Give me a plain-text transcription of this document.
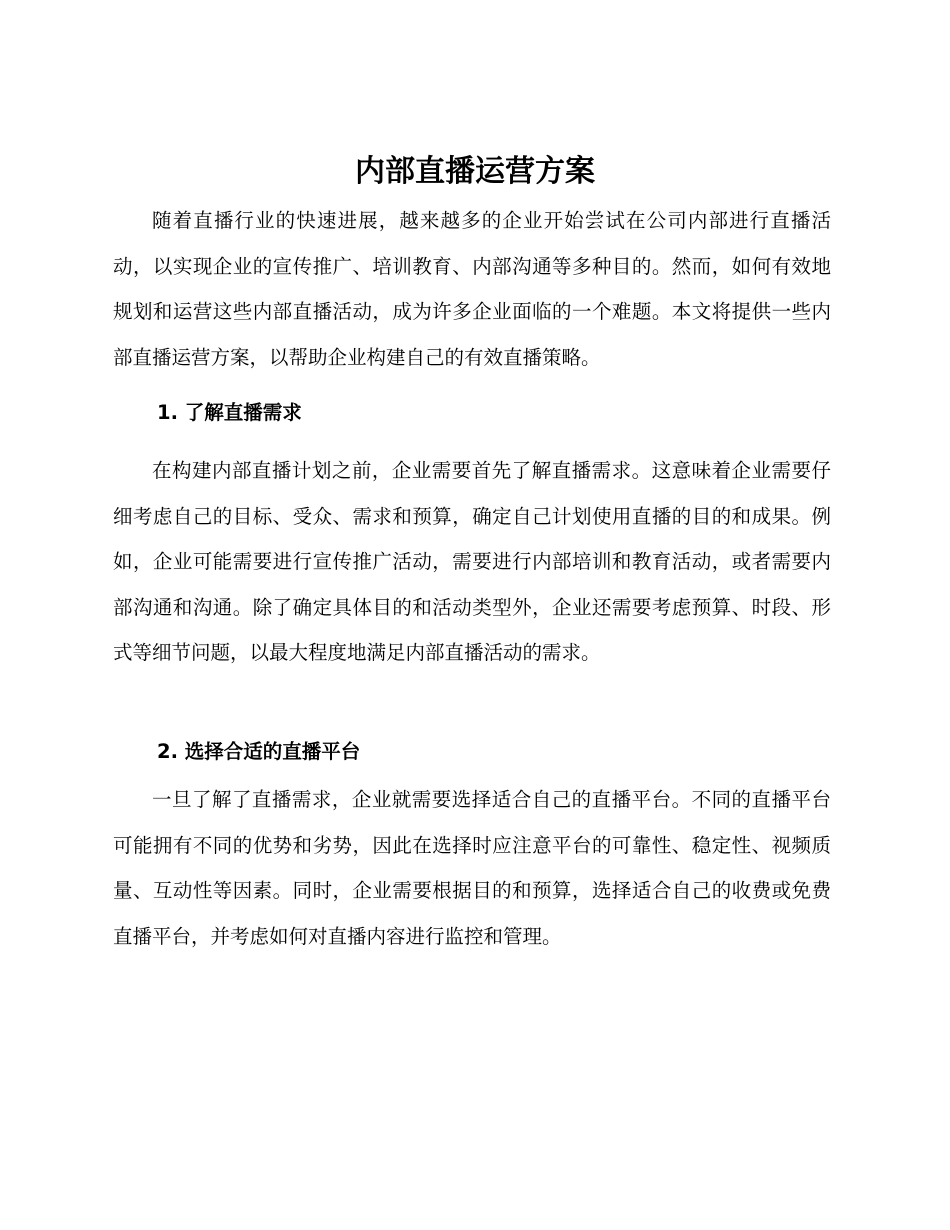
内部直播运营方案

随着直播行业的快速进展，越来越多的企业开始尝试在公司内部进行直播活动，以实现企业的宣传推广、培训教育、内部沟通等多种目的。然而，如何有效地规划和运营这些内部直播活动，成为许多企业面临的一个难题。本文将提供一些内部直播运营方案，以帮助企业构建自己的有效直播策略。

1. 了解直播需求

在构建内部直播计划之前，企业需要首先了解直播需求。这意味着企业需要仔细考虑自己的目标、受众、需求和预算，确定自己计划使用直播的目的和成果。例如，企业可能需要进行宣传推广活动，需要进行内部培训和教育活动，或者需要内部沟通和沟通。除了确定具体目的和活动类型外，企业还需要考虑预算、时段、形式等细节问题，以最大程度地满足内部直播活动的需求。

2. 选择合适的直播平台

一旦了解了直播需求，企业就需要选择适合自己的直播平台。不同的直播平台可能拥有不同的优势和劣势，因此在选择时应注意平台的可靠性、稳定性、视频质量、互动性等因素。同时，企业需要根据目的和预算，选择适合自己的收费或免费直播平台，并考虑如何对直播内容进行监控和管理。
